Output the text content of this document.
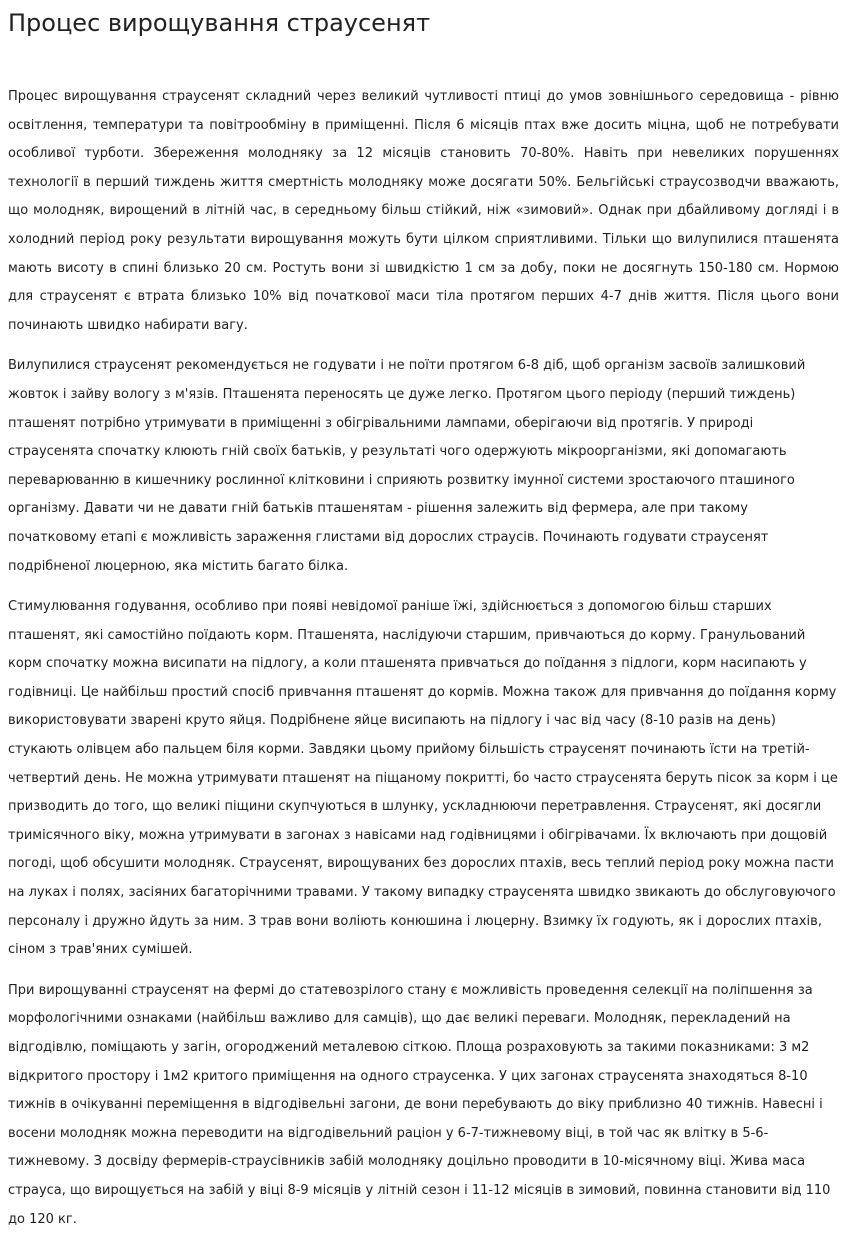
Процес вирощування страусенят

Процес вирощування страусенят складний через великий чутливості птиці до умов зовнішнього середовища - рівню освітлення, температури та повітрообміну в приміщенні. Після 6 місяців птах вже досить міцна, щоб не потребувати особливої турботи. Збереження молодняку за 12 місяців становить 70-80%. Навіть при невеликих порушеннях технології в перший тиждень життя смертність молодняку може досягати 50%. Бельгійські страусозводчи вважають, що молодняк, вирощений в літній час, в середньому більш стійкий, ніж «зимовий». Однак при дбайливому догляді і в холодний період року результати вирощування можуть бути цілком сприятливими. Тільки що вилупилися пташенята мають висоту в спині близько 20 см. Ростуть вони зі швидкістю 1 см за добу, поки не досягнуть 150-180 см. Нормою для страусенят є втрата близько 10% від початкової маси тіла протягом перших 4-7 днів життя. Після цього вони починають швидко набирати вагу.

Вилупилися страусенят рекомендується не годувати і не поїти протягом 6-8 діб, щоб організм засвоїв залишковий жовток і зайву вологу з м'язів. Пташенята переносять це дуже легко. Протягом цього періоду (перший тиждень) пташенят потрібно утримувати в приміщенні з обігрівальними лампами, оберігаючи від протягів. У природі страусенята спочатку клюють гній своїх батьків, у результаті чого одержують мікроорганізми, які допомагають переварюванню в кишечнику рослинної клітковини і сприяють розвитку імунної системи зростаючого пташиного організму. Давати чи не давати гній батьків пташенятам - рішення залежить від фермера, але при такому початковому етапі є можливість зараження глистами від дорослих страусів. Починають годувати страусенят подрібненої люцерною, яка містить багато білка.

Стимулювання годування, особливо при появі невідомої раніше їжі, здійснюється з допомогою більш старших пташенят, які самостійно поїдають корм. Пташенята, наслідуючи старшим, привчаються до корму. Гранульований корм спочатку можна висипати на підлогу, а коли пташенята привчаться до поїдання з підлоги, корм насипають у годівниці. Це найбільш простий спосіб привчання пташенят до кормів. Можна також для привчання до поїдання корму використовувати зварені круто яйця. Подрібнене яйце висипають на підлогу і час від часу (8-10 разів на день) стукають олівцем або пальцем біля корми. Завдяки цьому прийому більшість страусенят починають їсти на третій-четвертий день. Не можна утримувати пташенят на піщаному покритті, бо часто страусенята беруть пісок за корм і це призводить до того, що великі піщини скупчуються в шлунку, ускладнюючи перетравлення. Страусенят, які досягли тримісячного віку, можна утримувати в загонах з навісами над годівницями і обігрівачами. Їх включають при дощовій погоді, щоб обсушити молодняк. Страусенят, вирощуваних без дорослих птахів, весь теплий період року можна пасти на луках і полях, засіяних багаторічними травами. У такому випадку страусенята швидко звикають до обслуговуючого персоналу і дружно йдуть за ним. З трав вони воліють конюшина і люцерну. Взимку їх годують, як і дорослих птахів, сіном з трав'яних сумішей.

При вирощуванні страусенят на фермі до статевозрілого стану є можливість проведення селекції на поліпшення за морфологічними ознаками (найбільш важливо для самців), що дає великі переваги. Молодняк, перекладений на відгодівлю, поміщають у загін, огороджений металевою сіткою. Площа розраховують за такими показниками: 3 м2 відкритого простору і 1м2 критого приміщення на одного страусенка. У цих загонах страусенята знаходяться 8-10 тижнів в очікуванні переміщення в відгодівельні загони, де вони перебувають до віку приблизно 40 тижнів. Навесні і восени молодняк можна переводити на відгодівельний раціон у 6-7-тижневому віці, в той час як влітку в 5-6-тижневому. З досвіду фермерів-страусівників забій молодняку доцільно проводити в 10-місячному віці. Жива маса страуса, що вирощується на забій у віці 8-9 місяців у літній сезон і 11-12 місяців в зимовий, повинна становити від 110 до 120 кг.
